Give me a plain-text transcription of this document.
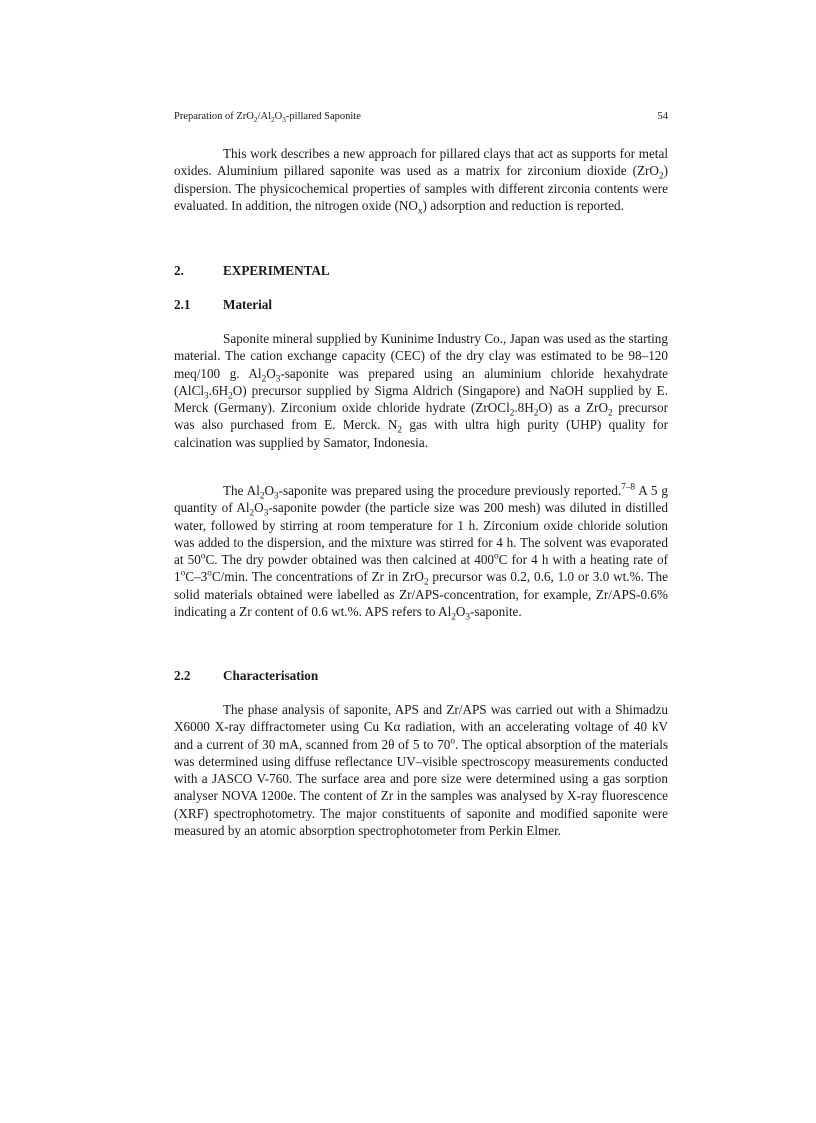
Preparation of $ZrO_2/Al_2O_3$-pillared Saponite	54

This work describes a new approach for pillared clays that act as supports for metal oxides. Aluminium pillared saponite was used as a matrix for zirconium dioxide (ZrO$_2$) dispersion. The physicochemical properties of samples with different zirconia contents were evaluated. In addition, the nitrogen oxide $(NO_x)$ adsorption and reduction is reported.

2.	EXPERIMENTAL
2.1 Material

Saponite mineral supplied by Kuninime Industry Co., Japan was used as the starting material. The cation exchange capacity (CEC) of the dry clay was estimated to be 98–120 meq/100 g. $Al_2O_3$-saponite was prepared using an aluminium chloride hexahydrate $(AlCl_3.6H_2O)$ precursor supplied by Sigma Aldrich (Singapore) and NaOH supplied by E. Merck (Germany). Zirconium oxide chloride hydrate $(ZrOCl_2.8H_2O)$ as a ZrO$_2$ precursor was also purchased from E. Merck. $N_2$ gas with ultra high purity (UHP) quality for calcination was supplied by Samator, Indonesia.

The $Al_2O_3$-saponite was prepared using the procedure previously reported.$^{7-8}$ A 5 g quantity of $Al_2O_3$-saponite powder (the particle size was 200 mesh) was diluted in distilled water, followed by stirring at room temperature for 1 h. Zirconium oxide chloride solution was added to the dispersion, and the mixture was stirred for 4 h. The solvent was evaporated at 50$^o$C. The dry powder obtained was then calcined at 400$^o$C for 4 h with a heating rate of 1$^o$C–3$^o$C/min. The concentrations of Zr in ZrO$_2$ precursor was 0.2, 0.6, 1.0 or 3.0 wt.%. The solid materials obtained were labelled as Zr/APS-concentration, for example, Zr/APS-0.6% indicating a Zr content of 0.6 wt.%. APS refers to $Al_2O_3$-saponite.

2.2 Characterisation

The phase analysis of saponite, APS and Zr/APS was carried out with a Shimadzu X6000 X-ray diffractometer using Cu Kα radiation, with an accelerating voltage of 40 kV and a current of 30 mA, scanned from 2θ of 5 to 70$^o$. The optical absorption of the materials was determined using diffuse reflectance UV–visible spectroscopy measurements conducted with a JASCO V-760. The surface area and pore size were determined using a gas sorption analyser NOVA 1200e. The content of Zr in the samples was analysed by X-ray fluorescence (XRF) spectrophotometry. The major constituents of saponite and modified saponite were measured by an atomic absorption spectrophotometer from Perkin Elmer.
